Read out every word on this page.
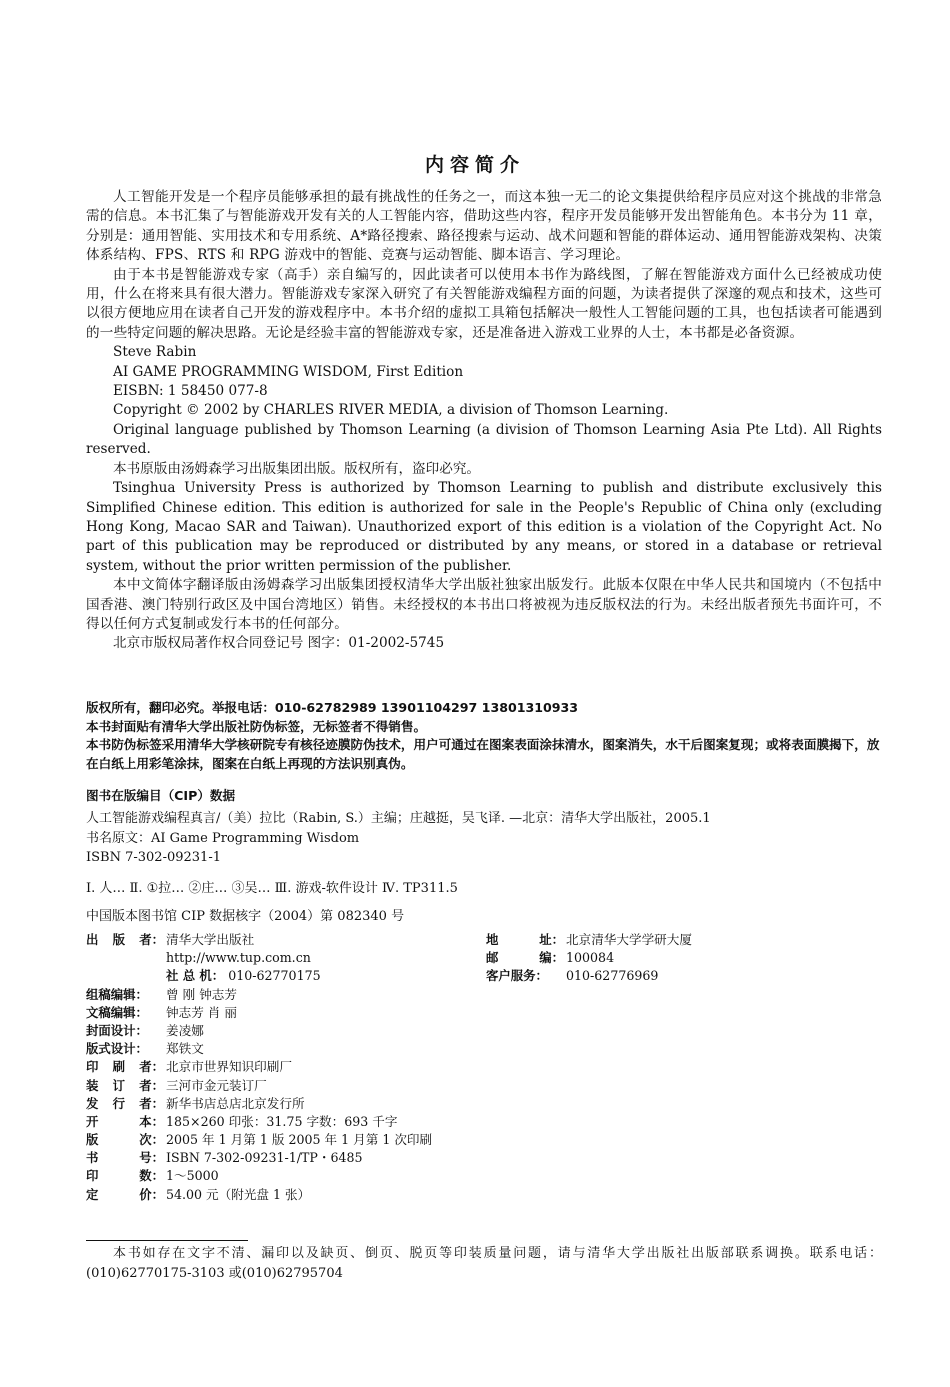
内容简介

人工智能开发是一个程序员能够承担的最有挑战性的任务之一，而这本独一无二的论文集提供给程序员应对这个挑战的非常急需的信息。本书汇集了与智能游戏开发有关的人工智能内容，借助这些内容，程序开发员能够开发出智能角色。本书分为 11 章，分别是：通用智能、实用技术和专用系统、A*路径搜索、路径搜索与运动、战术问题和智能的群体运动、通用智能游戏架构、决策体系结构、FPS、RTS 和 RPG 游戏中的智能、竞赛与运动智能、脚本语言、学习理论。

由于本书是智能游戏专家（高手）亲自编写的，因此读者可以使用本书作为路线图，了解在智能游戏方面什么已经被成功使用，什么在将来具有很大潜力。智能游戏专家深入研究了有关智能游戏编程方面的问题，为读者提供了深邃的观点和技术，这些可以很方便地应用在读者自己开发的游戏程序中。本书介绍的虚拟工具箱包括解决一般性人工智能问题的工具，也包括读者可能遇到的一些特定问题的解决思路。无论是经验丰富的智能游戏专家，还是准备进入游戏工业界的人士，本书都是必备资源。

Steve Rabin

AI GAME PROGRAMMING WISDOM, First Edition

EISBN: 1 58450 077-8

Copyright © 2002 by CHARLES RIVER MEDIA, a division of Thomson Learning.

Original language published by Thomson Learning (a division of Thomson Learning Asia Pte Ltd). All Rights reserved.

本书原版由汤姆森学习出版集团出版。版权所有，盗印必究。

Tsinghua University Press is authorized by Thomson Learning to publish and distribute exclusively this Simplified Chinese edition. This edition is authorized for sale in the People's Republic of China only (excluding Hong Kong, Macao SAR and Taiwan). Unauthorized export of this edition is a violation of the Copyright Act. No part of this publication may be reproduced or distributed by any means, or stored in a database or retrieval system, without the prior written permission of the publisher.

本中文简体字翻译版由汤姆森学习出版集团授权清华大学出版社独家出版发行。此版本仅限在中华人民共和国境内（不包括中国香港、澳门特别行政区及中国台湾地区）销售。未经授权的本书出口将被视为违反版权法的行为。未经出版者预先书面许可，不得以任何方式复制或发行本书的任何部分。

北京市版权局著作权合同登记号 图字：01-2002-5745

版权所有，翻印必究。举报电话：010-62782989 13901104297 13801310933

本书封面贴有清华大学出版社防伪标签，无标签者不得销售。

本书防伪标签采用清华大学核研院专有核径迹膜防伪技术，用户可通过在图案表面涂抹清水，图案消失，水干后图案复现；或将表面膜揭下，放在白纸上用彩笔涂抹，图案在白纸上再现的方法识别真伪。

图书在版编目（CIP）数据

人工智能游戏编程真言/（美）拉比（Rabin, S.）主编；庄越挺，吴飞译. —北京：清华大学出版社，2005.1

书名原文：AI Game Programming Wisdom

ISBN 7-302-09231-1

Ⅰ. 人… Ⅱ. ①拉… ②庄… ③吴… Ⅲ. 游戏-软件设计 Ⅳ. TP311.5
中国版本图书馆 CIP 数据核字（2004）第 082340 号
出 版 者： 清华大学出版社
http://www.tup.com.cn
社 总 机： 010-62770175
组稿编辑： 曾 刚 钟志芳
文稿编辑： 钟志芳 肖 丽
封面设计： 姜凌娜
版式设计： 郑铁文
印 刷 者： 北京市世界知识印刷厂
装 订 者： 三河市金元装订厂
发 行 者： 新华书店总店北京发行所
开	本： 185×260 印张：31.75 字数：693 千字
版	次： 2005 年 1 月第 1 版 2005 年 1 月第 1 次印刷
书	号： ISBN 7-302-09231-1/TP・6485
印	数： 1～5000
定	价： 54.00 元（附光盘 1 张）
地	址： 北京清华大学学研大厦
邮	编： 100084
客户服务：	010-62776969

本书如存在文字不清、漏印以及缺页、倒页、脱页等印装质量问题，请与清华大学出版社出版部联系调换。联系电话：(010)62770175-3103 或(010)62795704
